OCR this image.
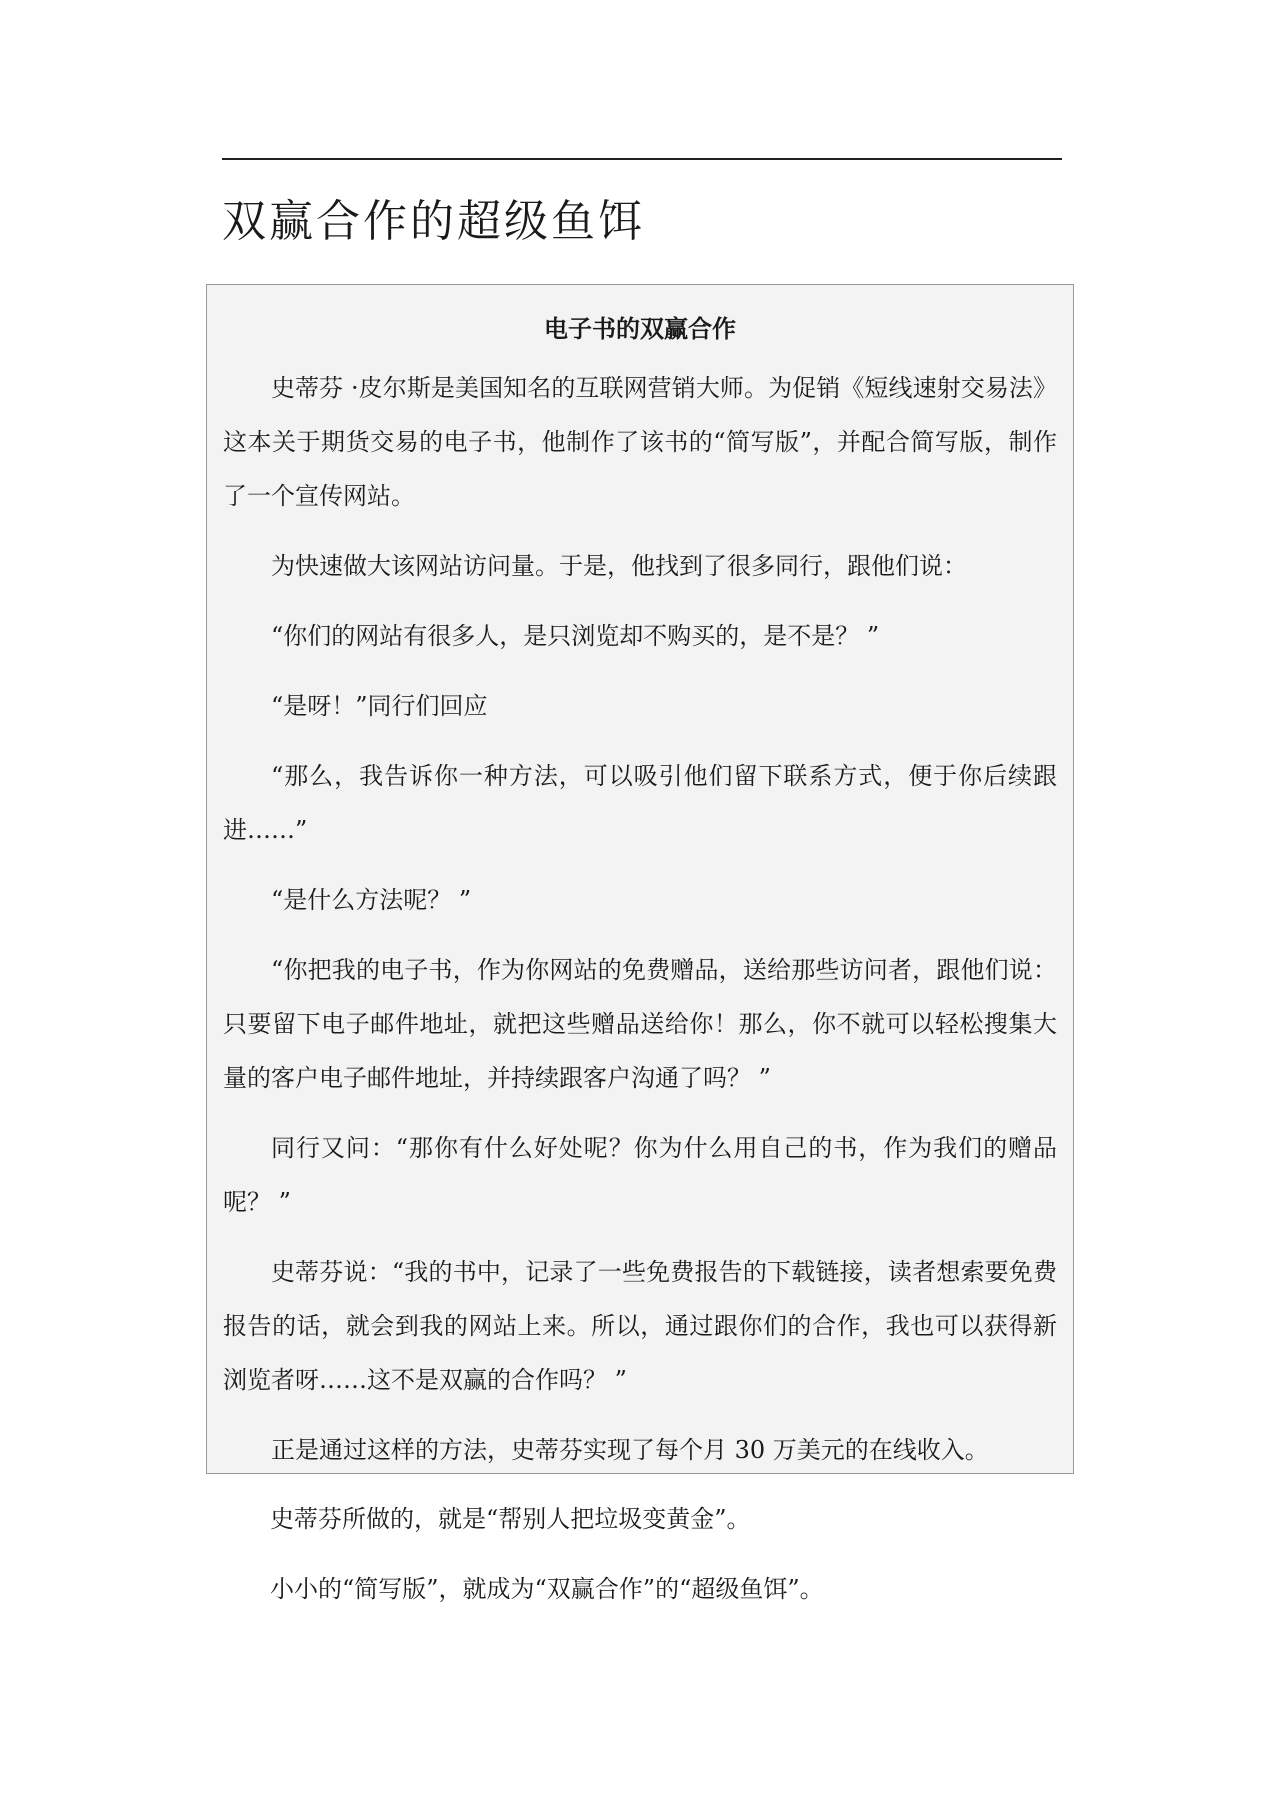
双赢合作的超级鱼饵
电子书的双赢合作

史蒂芬 ·皮尔斯是美国知名的互联网营销大师。为促销《短线速射交易法》这本关于期货交易的电子书，他制作了该书的“简写版”，并配合简写版，制作了一个宣传网站。

为快速做大该网站访问量。于是，他找到了很多同行，跟他们说：

“你们的网站有很多人，是只浏览却不购买的，是不是？ ”

“是呀！”同行们回应

“那么，我告诉你一种方法，可以吸引他们留下联系方式，便于你后续跟进……”

“是什么方法呢？ ”

“你把我的电子书，作为你网站的免费赠品，送给那些访问者，跟他们说：只要留下电子邮件地址，就把这些赠品送给你！那么，你不就可以轻松搜集大量的客户电子邮件地址，并持续跟客户沟通了吗？ ”

同行又问：“那你有什么好处呢？你为什么用自己的书，作为我们的赠品呢？ ”

史蒂芬说：“我的书中，记录了一些免费报告的下载链接，读者想索要免费报告的话，就会到我的网站上来。所以，通过跟你们的合作，我也可以获得新浏览者呀……这不是双赢的合作吗？ ”

正是通过这样的方法，史蒂芬实现了每个月 30 万美元的在线收入。

史蒂芬所做的，就是“帮别人把垃圾变黄金”。

小小的“简写版”，就成为“双赢合作”的“超级鱼饵”。
